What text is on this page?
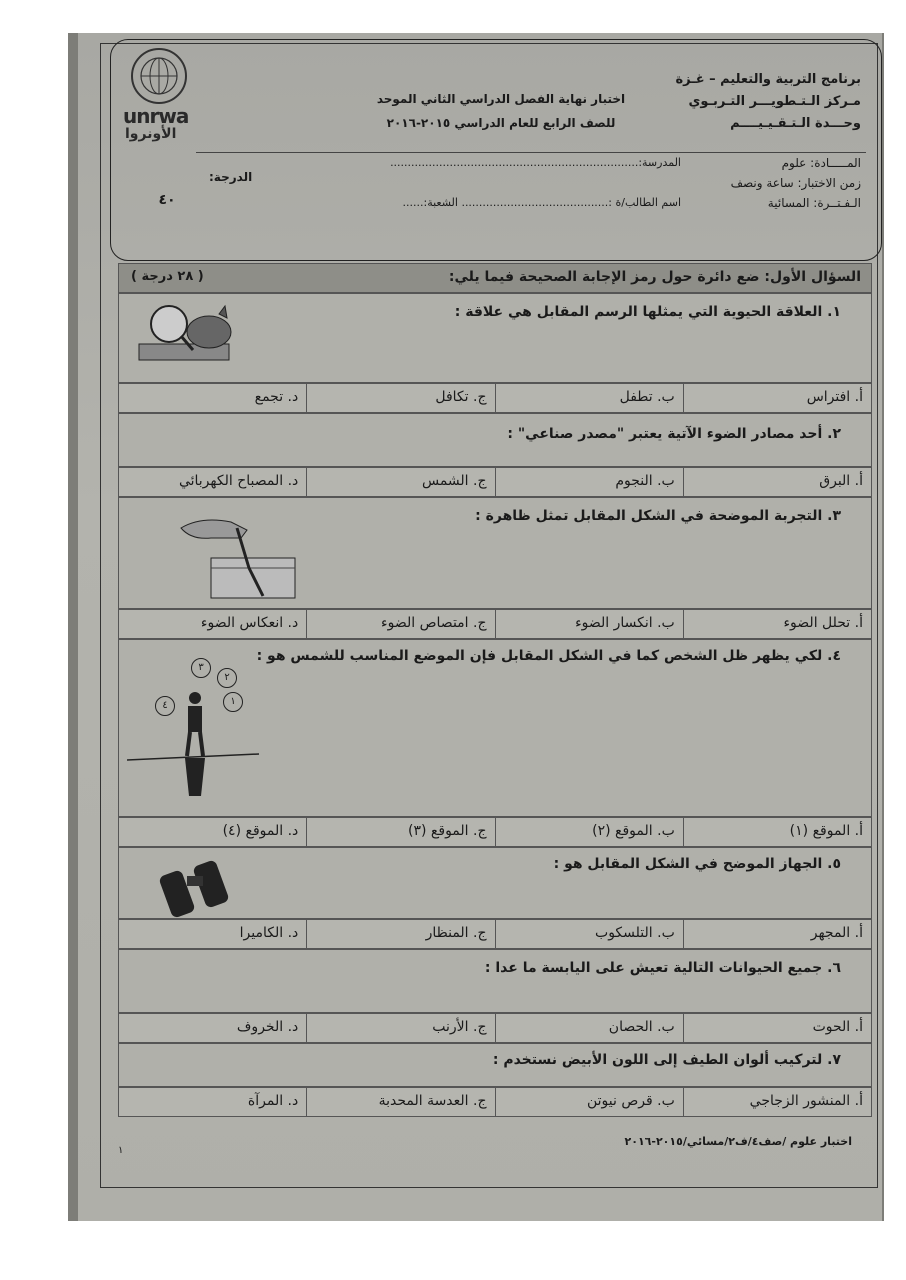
unrwa
الأونروا
برنامج التربية والتعليم – غـزة
مـركز الـتـطويـــر التـربـوي
وحـــدة الـتـقـيـيــــم
اختبار نهاية الفصل الدراسي الثاني الموحد
للصف الرابع للعام الدراسي ٢٠١٥-٢٠١٦
المـــــادة: علوم
زمن الاختبار: ساعة ونصف
الـفـتــرة: المسائية
المدرسة:.......................................................................
اسم الطالب/ة :.......................................... الشعبة:......
الدرجة:
٤٠
السؤال الأول: ضع دائرة حول رمز الإجابة الصحيحة فيما يلي:
( ٢٨ درجة )
١. العلاقة الحيوية التي يمثلها الرسم المقابل هي علاقة :
أ. افتراس
ب. تطفل
ج. تكافل
د. تجمع
٢. أحد مصادر الضوء الآتية يعتبر "مصدر صناعي" :
أ. البرق
ب. النجوم
ج. الشمس
د. المصباح الكهربائي
٣. التجربة الموضحة في الشكل المقابل تمثل ظاهرة :
أ. تحلل الضوء
ب. انكسار الضوء
ج. امتصاص الضوء
د. انعكاس الضوء
٤. لكي يظهر ظل الشخص كما في الشكل المقابل فإن الموضع المناسب للشمس هو :
٣
٢
١
٤
أ. الموقع (١)
ب. الموقع (٢)
ج. الموقع (٣)
د. الموقع (٤)
٥. الجهاز الموضح في الشكل المقابل هو :
أ. المجهر
ب. التلسكوب
ج. المنظار
د. الكاميرا
٦. جميع الحيوانات التالية تعيش على اليابسة ما عدا :
أ. الحوت
ب. الحصان
ج. الأرنب
د. الخروف
٧. لتركيب ألوان الطيف إلى اللون الأبيض نستخدم :
أ. المنشور الزجاجي
ب. قرص نيوتن
ج. العدسة المحدبة
د. المرآة
اختبار علوم /صف٤/ف٢/مسائي/٢٠١٥-٢٠١٦
١
